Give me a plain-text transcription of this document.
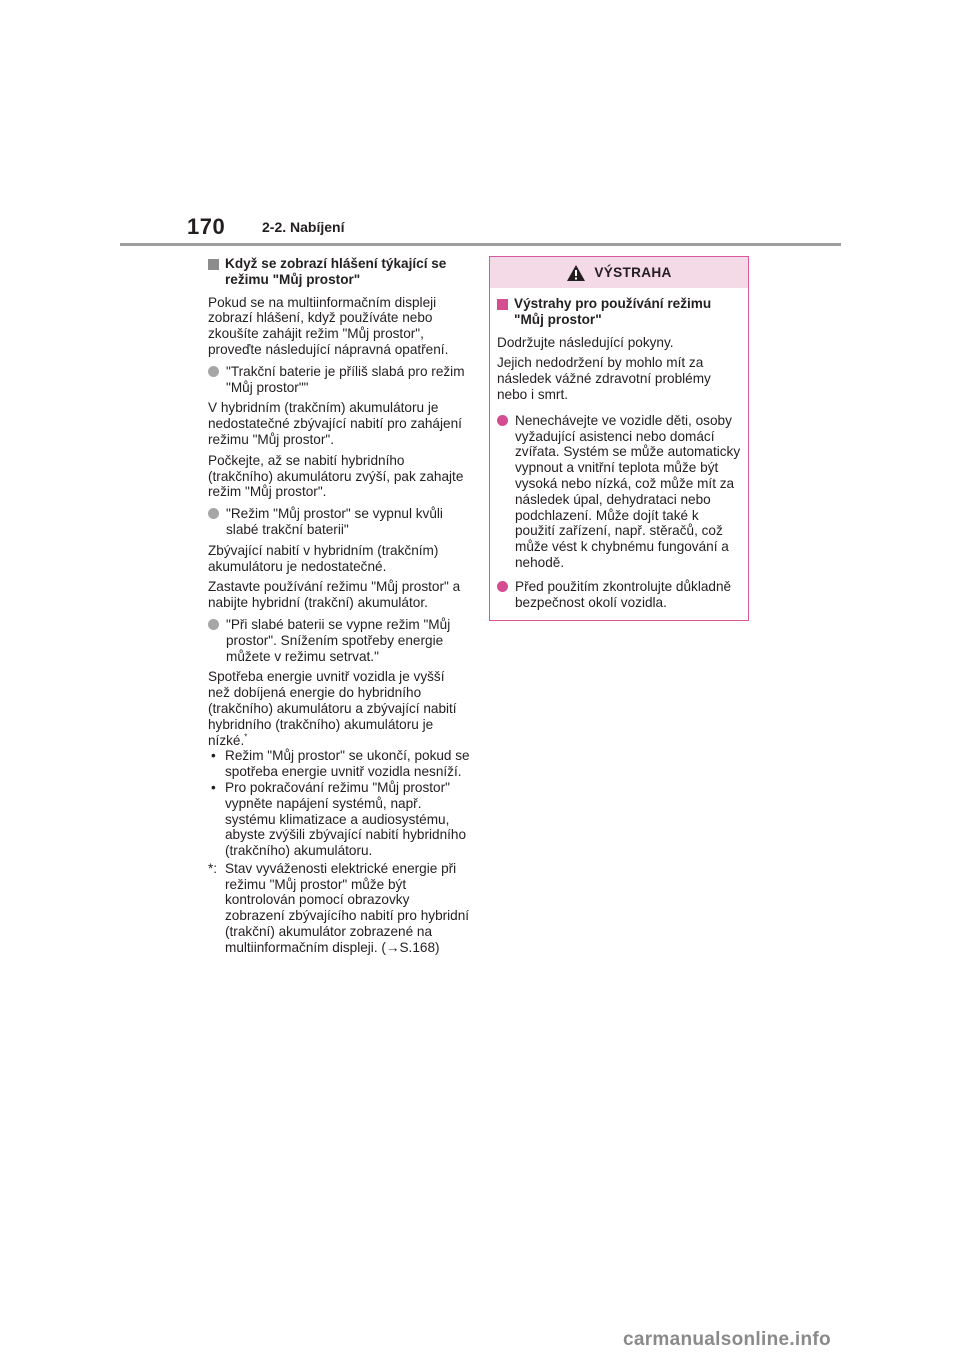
170	2-2. Nabíjení
Když se zobrazí hlášení týkající se režimu "Můj prostor"

Pokud se na multiinformačním displeji zobrazí hlášení, když používáte nebo zkoušíte zahájit režim "Můj prostor", proveďte následující nápravná opatření.

"Trakční baterie je příliš slabá pro režim "Můj prostor""

V hybridním (trakčním) akumulátoru je nedostatečné zbývající nabití pro zahájení režimu "Můj prostor".

Počkejte, až se nabití hybridního (trakčního) akumulátoru zvýší, pak zahajte režim "Můj prostor".

"Režim "Můj prostor" se vypnul kvůli slabé trakční baterii"

Zbývající nabití v hybridním (trakčním) akumulátoru je nedostatečné.

Zastavte používání režimu "Můj prostor" a nabijte hybridní (trakční) akumulátor.

"Při slabé baterii se vypne režim "Můj prostor". Snížením spotřeby energie můžete v režimu setrvat."

Spotřeba energie uvnitř vozidla je vyšší než dobíjená energie do hybridního (trakčního) akumulátoru a zbývající nabití hybridního (trakčního) akumulátoru je nízké.*

• Režim "Můj prostor" se ukončí, pokud se spotřeba energie uvnitř vozidla nesníží.
• Pro pokračování režimu "Můj prostor" vypněte napájení systémů, např. systému klimatizace a audiosystému, abyste zvýšili zbývající nabití hybridního (trakčního) akumulátoru.
*: Stav vyváženosti elektrické energie při režimu "Můj prostor" může být kontrolován pomocí obrazovky zobrazení zbývajícího nabití pro hybridní (trakční) akumulátor zobrazené na multiinformačním displeji. (→S.168)
VÝSTRAHA
Výstrahy pro používání režimu "Můj prostor"

Dodržujte následující pokyny.

Jejich nedodržení by mohlo mít za následek vážné zdravotní problémy nebo i smrt.

Nenechávejte ve vozidle děti, osoby vyžadující asistenci nebo domácí zvířata. Systém se může automaticky vypnout a vnitřní teplota může být vysoká nebo nízká, což může mít za následek úpal, dehydrataci nebo podchlazení. Může dojít také k použití zařízení, např. stěračů, což může vést k chybnému fungování a nehodě.
Před použitím zkontrolujte důkladně bezpečnost okolí vozidla.
carmanualsonline.info
